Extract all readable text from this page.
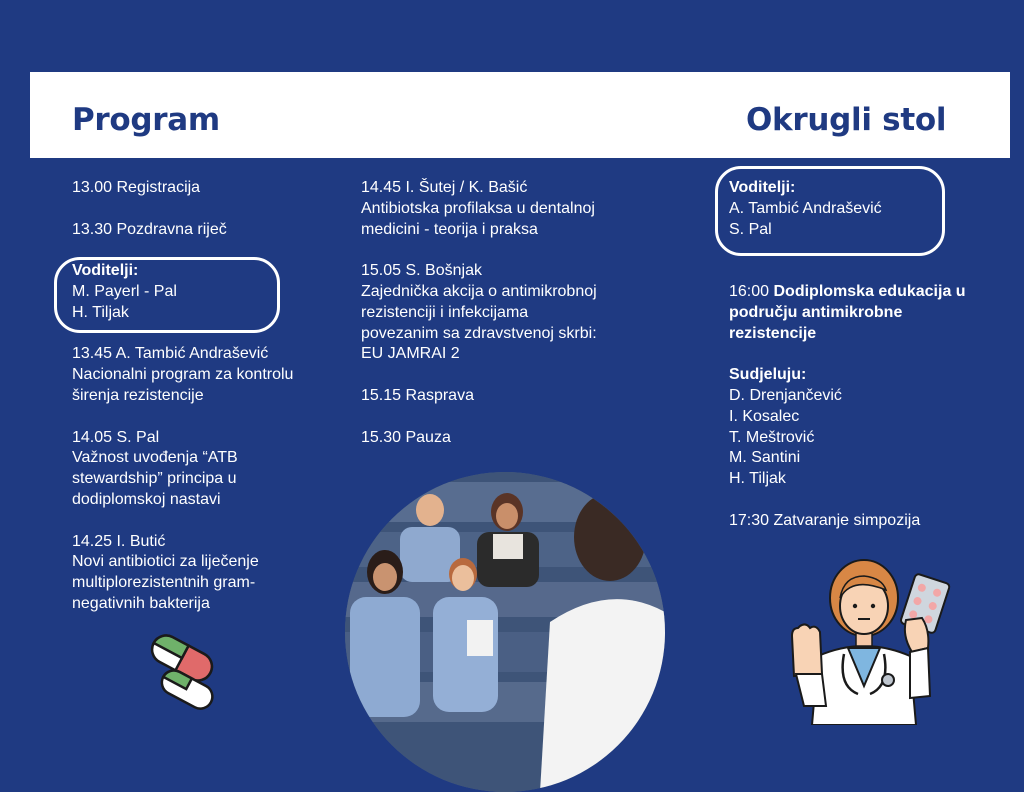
Program	Okrugli stol
13.00 Registracija
13.30 Pozdravna riječ
Voditelji:
M. Payerl - Pal
H. Tiljak
13.45 A. Tambić Andrašević
Nacionalni program za kontrolu
širenja rezistencije
14.05 S. Pal
Važnost uvođenja “ATB
stewardship” principa u
dodiplomskoj nastavi
14.25 I. Butić
Novi antibiotici za liječenje
multiplorezistentnih gram-
negativnih bakterija
14.45 I. Šutej / K. Bašić
Antibiotska profilaksa u dentalnoj
medicini - teorija i praksa
15.05 S. Bošnjak
Zajednička akcija o antimikrobnoj
rezistenciji i infekcijama
povezanim sa zdravstvenoj skrbi:
EU JAMRAI 2
15.15 Rasprava
15.30 Pauza
Voditelji:
A. Tambić Andrašević
S. Pal
16:00 Dodiplomska edukacija u
području antimikrobne
rezistencije
Sudjeluju:
D. Drenjančević
I. Kosalec
T. Meštrović
M. Santini
H. Tiljak
17:30 Zatvaranje simpozija
